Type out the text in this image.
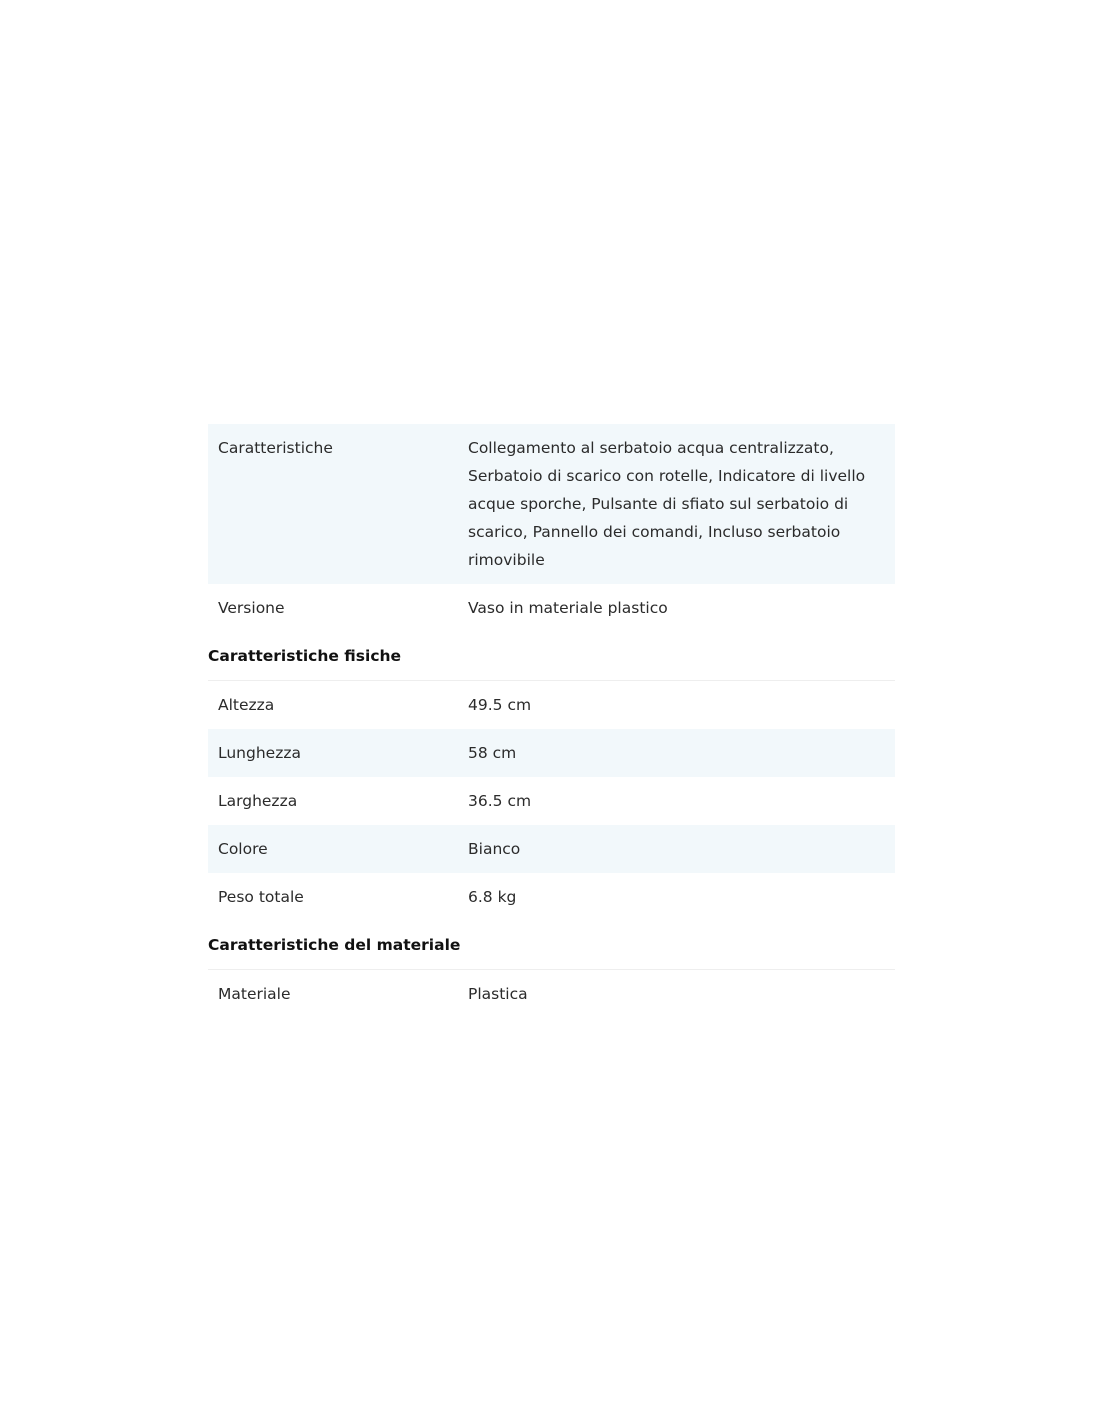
Caratteristiche	Collegamento al serbatoio acqua centralizzato, Serbatoio di scarico con rotelle, Indicatore di livello acque sporche, Pulsante di sfiato sul serbatoio di scarico, Pannello dei comandi, Incluso serbatoio rimovibile
Versione	Vaso in materiale plastico
Caratteristiche fisiche
Altezza	49.5 cm
Lunghezza	58 cm
Larghezza	36.5 cm
Colore	Bianco
Peso totale	6.8 kg
Caratteristiche del materiale
Materiale	Plastica
